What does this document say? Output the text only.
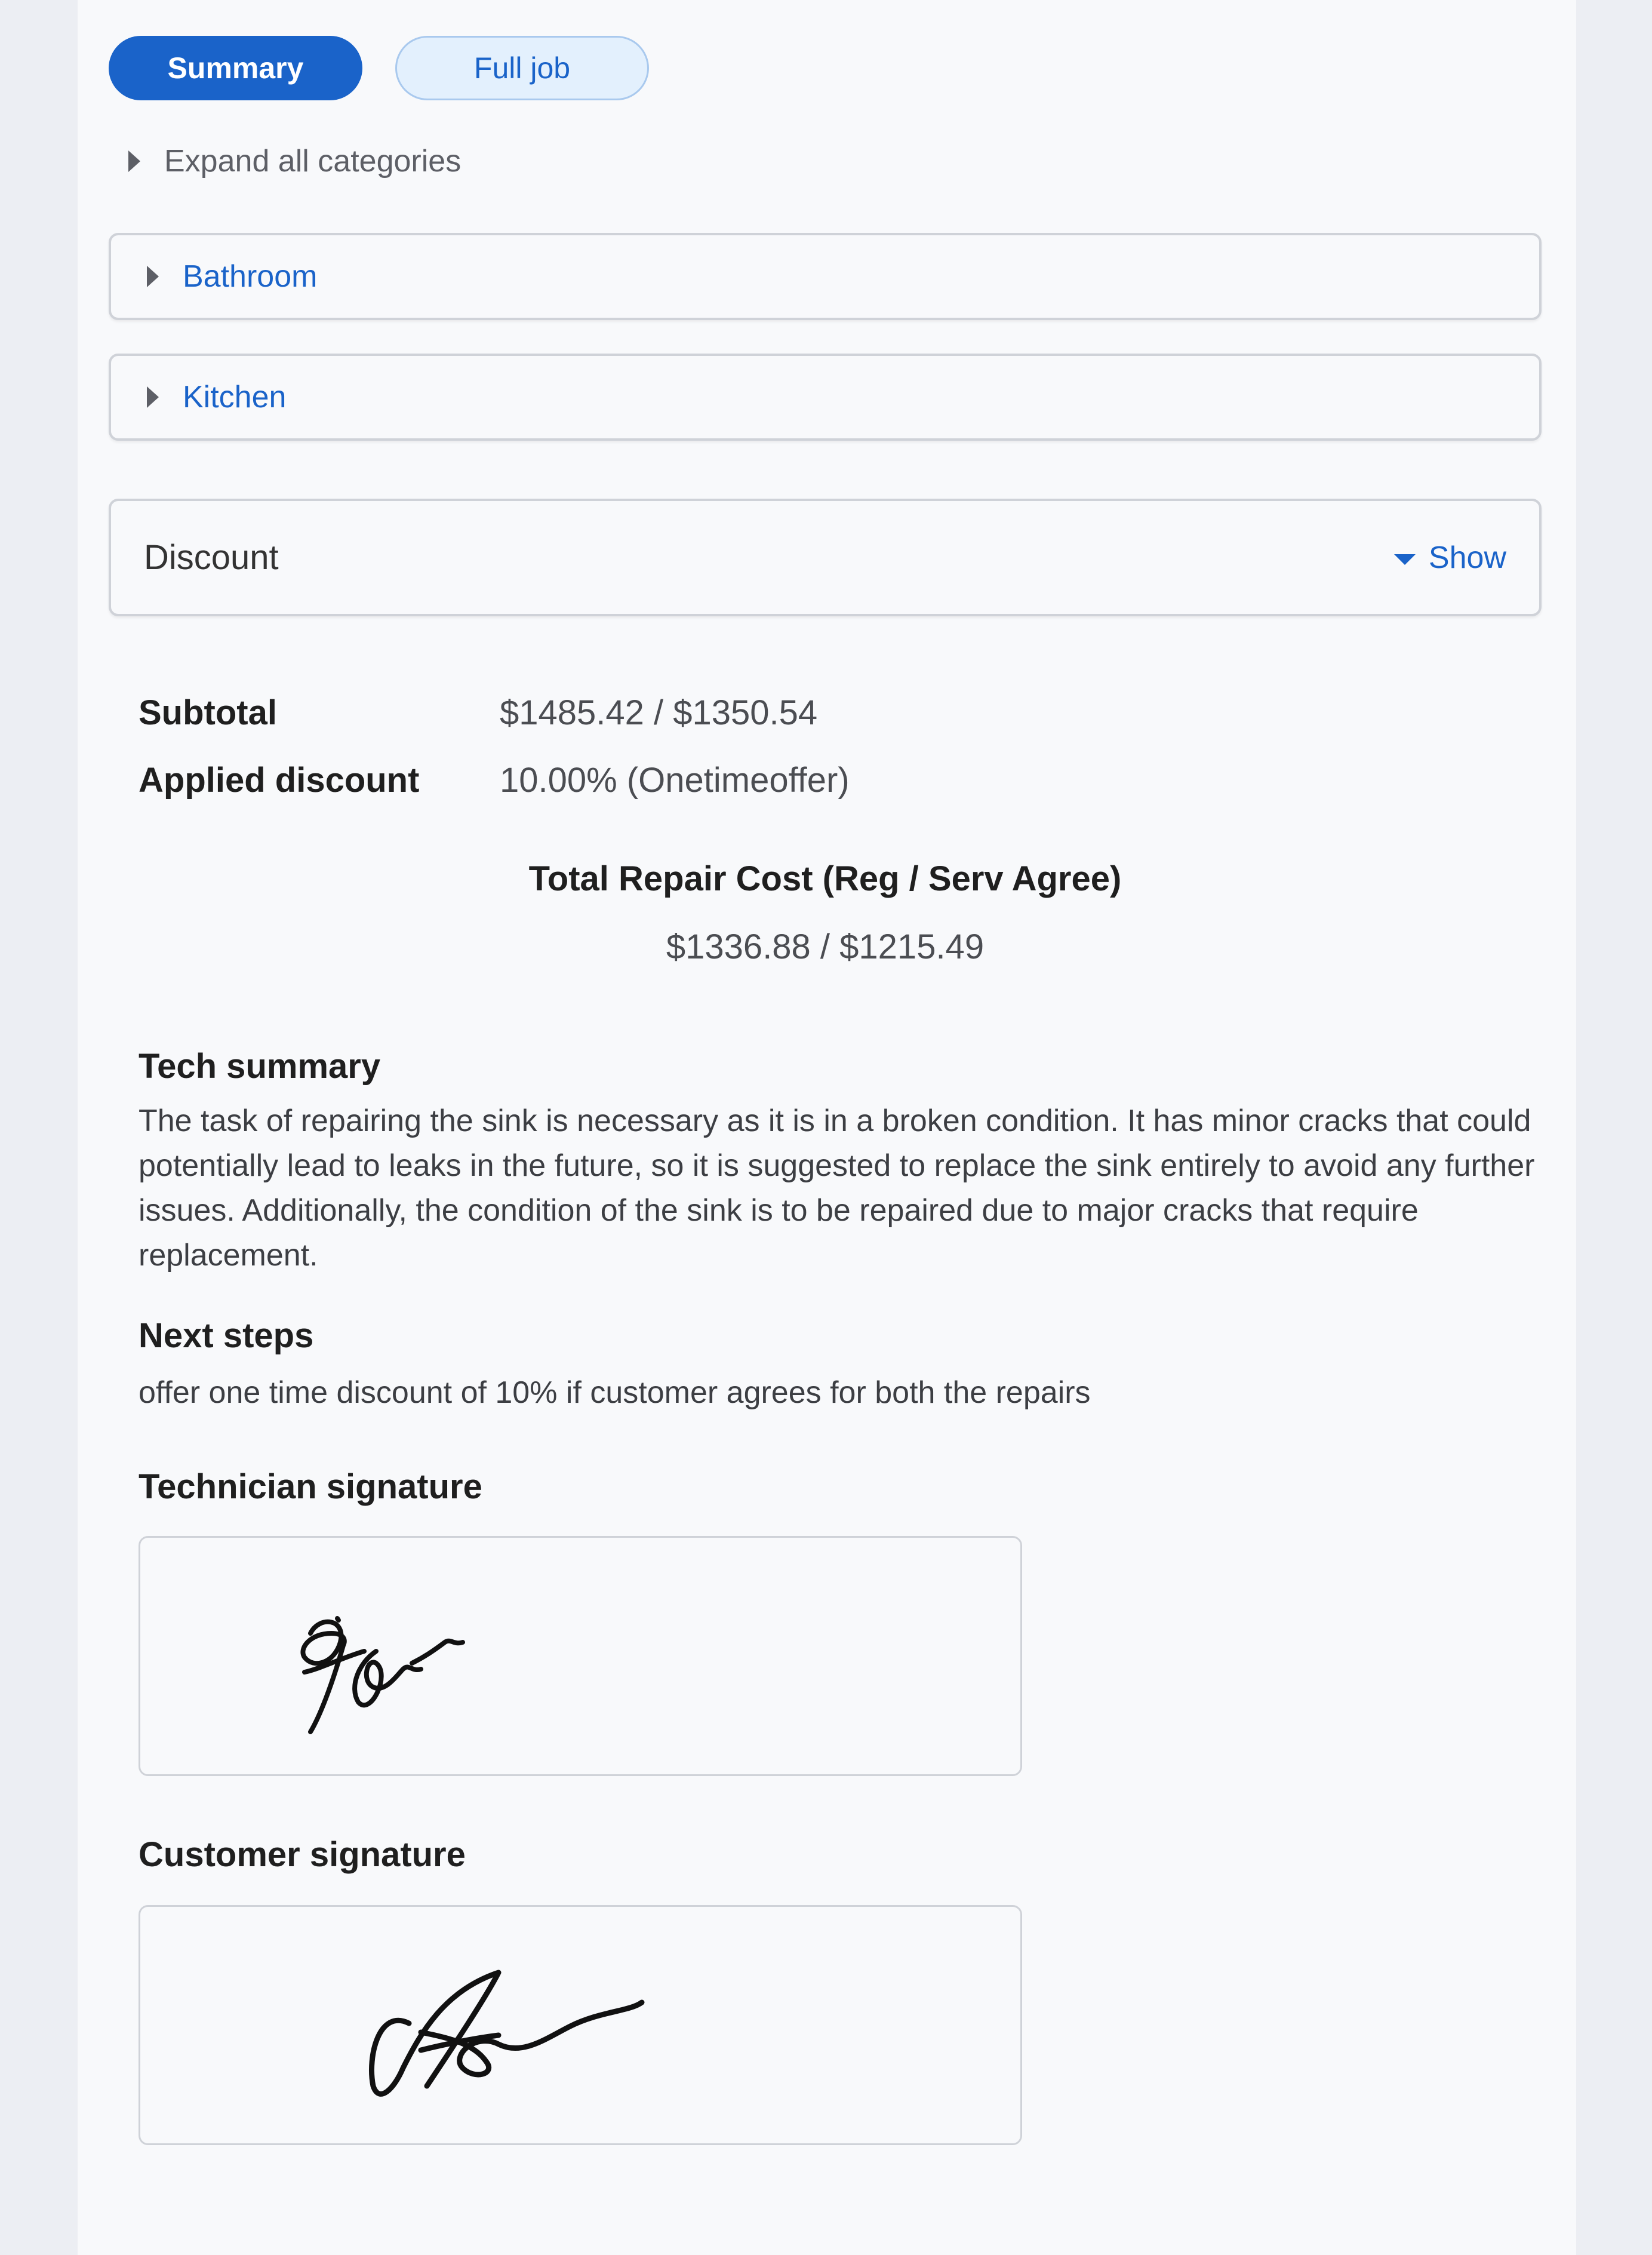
Summary	Full job
Expand all categories
Bathroom
Kitchen
Discount	Show
Subtotal	$1485.42 / $1350.54
Applied discount	10.00% (Onetimeoffer)
Total Repair Cost (Reg / Serv Agree)
$1336.88 / $1215.49
Tech summary
The task of repairing the sink is necessary as it is in a broken condition. It has minor cracks that could potentially lead to leaks in the future, so it is suggested to replace the sink entirely to avoid any further issues. Additionally, the condition of the sink is to be repaired due to major cracks that require replacement.
Next steps
offer one time discount of 10% if customer agrees for both the repairs
Technician signature
Customer signature
